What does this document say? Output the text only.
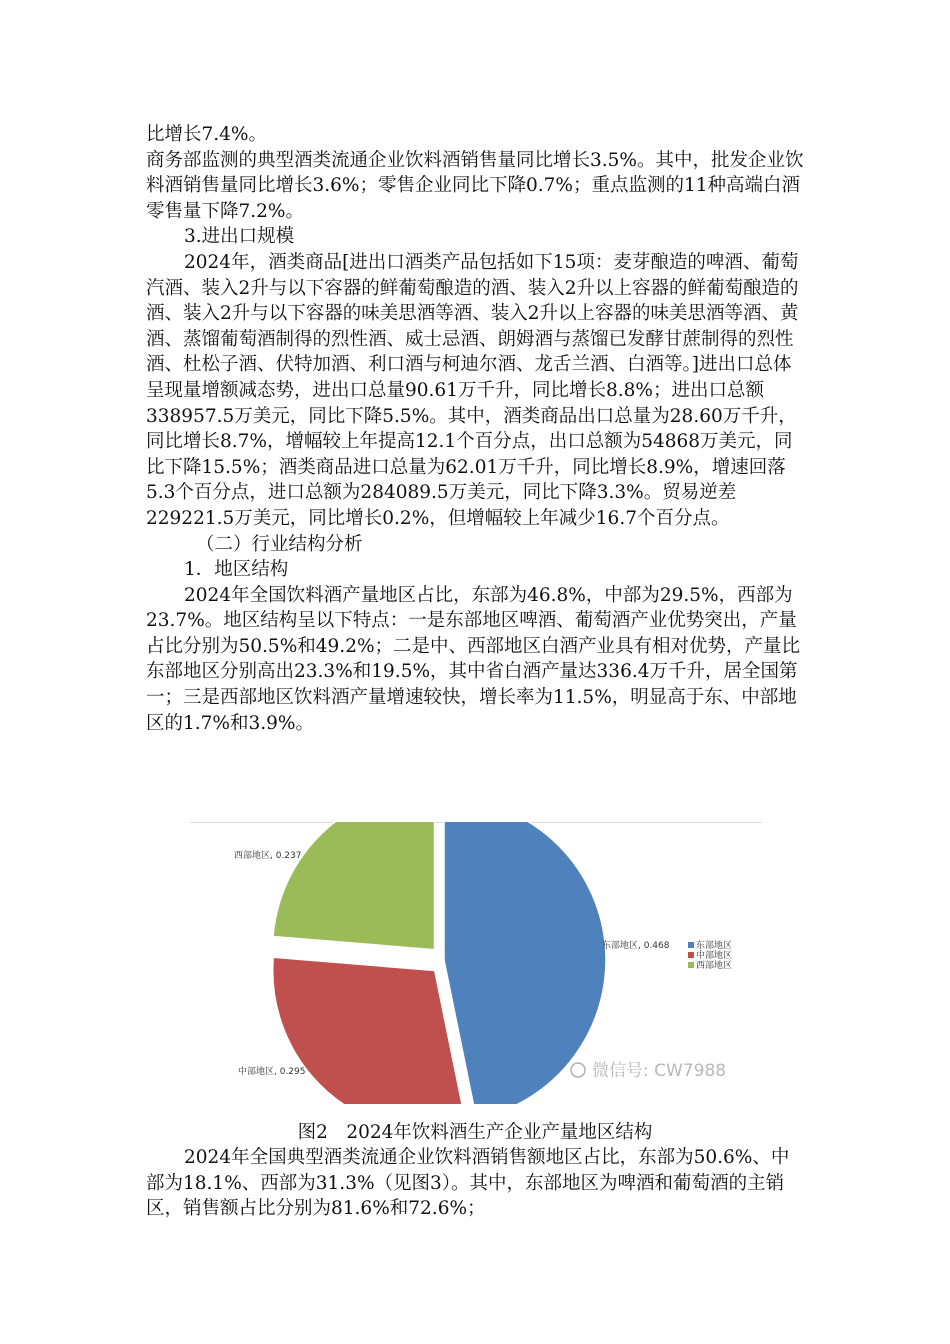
比增长7.4%。

商务部监测的典型酒类流通企业饮料酒销售量同比增长3.5%。其中，批发企业饮料酒销售量同比增长3.6%；零售企业同比下降0.7%；重点监测的11种高端白酒零售量下降7.2%。

3.进出口规模

2024年，酒类商品[进出口酒类产品包括如下15项：麦芽酿造的啤酒、葡萄汽酒、装入2升与以下容器的鲜葡萄酿造的酒、装入2升以上容器的鲜葡萄酿造的酒、装入2升与以下容器的味美思酒等酒、装入2升以上容器的味美思酒等酒、黄酒、蒸馏葡萄酒制得的烈性酒、威士忌酒、朗姆酒与蒸馏已发酵甘蔗制得的烈性酒、杜松子酒、伏特加酒、利口酒与柯迪尔酒、龙舌兰酒、白酒等。]进出口总体呈现量增额减态势，进出口总量90.61万千升，同比增长8.8%；进出口总额338957.5万美元，同比下降5.5%。其中，酒类商品出口总量为28.60万千升，同比增长8.7%，增幅较上年提高12.1个百分点，出口总额为54868万美元，同比下降15.5%；酒类商品进口总量为62.01万千升，同比增长8.9%，增速回落5.3个百分点，进口总额为284089.5万美元，同比下降3.3%。贸易逆差229221.5万美元，同比增长0.2%，但增幅较上年减少16.7个百分点。

（二）行业结构分析

1．地区结构

2024年全国饮料酒产量地区占比，东部为46.8%，中部为29.5%，西部为23.7%。地区结构呈以下特点：一是东部地区啤酒、葡萄酒产业优势突出，产量占比分别为50.5%和49.2%；二是中、西部地区白酒产业具有相对优势，产量比东部地区分别高出23.3%和19.5%，其中省白酒产量达336.4万千升，居全国第一；三是西部地区饮料酒产量增速较快，增长率为11.5%，明显高于东、中部地区的1.7%和3.9%。

东部地区, 0.468
中部地区, 0.295
西部地区, 0.237
东部地区
中部地区
西部地区
微信号: CW7988
图2　2024年饮料酒生产企业产量地区结构

2024年全国典型酒类流通企业饮料酒销售额地区占比，东部为50.6%、中部为18.1%、西部为31.3%（见图3）。其中，东部地区为啤酒和葡萄酒的主销区，销售额占比分别为81.6%和72.6%；
